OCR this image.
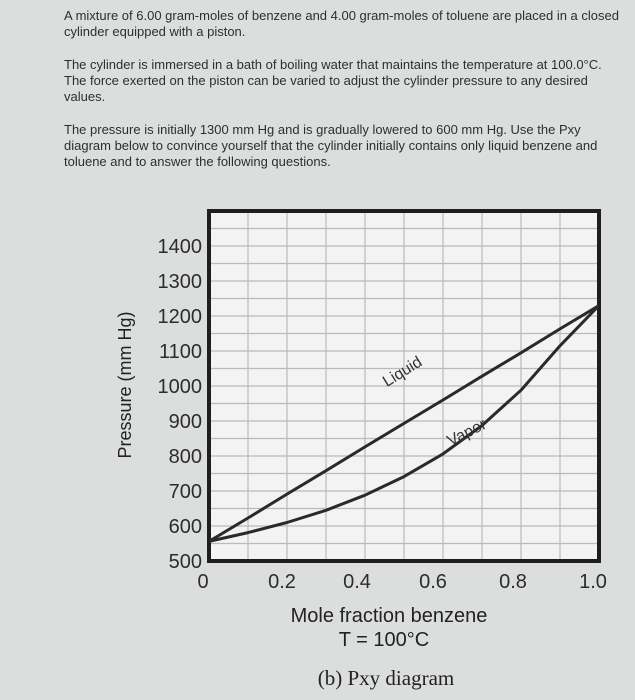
A mixture of 6.00 gram-moles of benzene and 4.00 gram-moles of toluene are placed in a closed cylinder equipped with a piston.

The cylinder is immersed in a bath of boiling water that maintains the temperature at 100.0°C. The force exerted on the piston can be varied to adjust the cylinder pressure to any desired values.

The pressure is initially 1300 mm Hg and is gradually lowered to 600 mm Hg. Use the Pxy diagram below to convince yourself that the cylinder initially contains only liquid benzene and toluene and to answer the following questions.

500
600
700
800
900
1000
1100
1200
1300
1400
0	0.2 0.4 0.6	0.8	1.0
Liquid
Vapor
Pressure (mm Hg)
Mole fraction benzene
T = 100°C
(b) Pxy diagram
